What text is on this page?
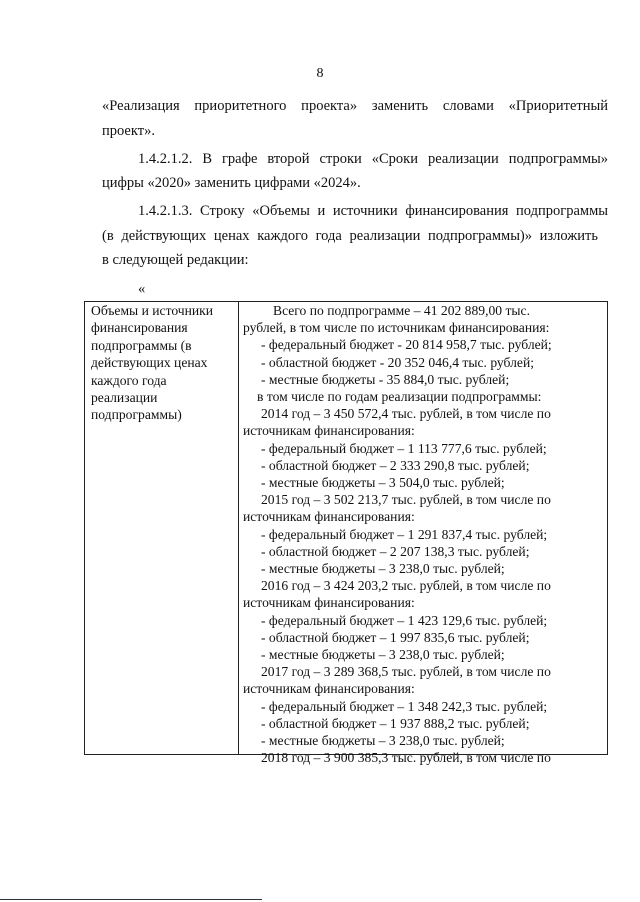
8
«Реализация приоритетного проекта» заменить словами «Приоритетный
проект».
1.4.2.1.2. В графе второй строки «Сроки реализации подпрограммы»
цифры «2020» заменить цифрами «2024».
1.4.2.1.3. Строку «Объемы и источники финансирования подпрограммы
(в действующих ценах каждого года реализации подпрограммы)» изложить
в следующей редакции:
«
Объемы и источники
финансирования
подпрограммы (в
действующих ценах
каждого года
реализации
подпрограммы)
Всего по подпрограмме – 41 202 889,00 тыс.
рублей, в том числе по источникам финансирования:
- федеральный бюджет - 20 814 958,7 тыс. рублей;
- областной бюджет - 20 352 046,4 тыс. рублей;
- местные бюджеты - 35 884,0 тыс. рублей;
в том числе по годам реализации подпрограммы:
2014 год – 3 450 572,4 тыс. рублей, в том числе по
источникам финансирования:
- федеральный бюджет – 1 113 777,6 тыс. рублей;
- областной бюджет – 2 333 290,8 тыс. рублей;
- местные бюджеты – 3 504,0 тыс. рублей;
2015 год – 3 502 213,7 тыс. рублей, в том числе по
источникам финансирования:
- федеральный бюджет – 1 291 837,4 тыс. рублей;
- областной бюджет – 2 207 138,3 тыс. рублей;
- местные бюджеты – 3 238,0 тыс. рублей;
2016 год – 3 424 203,2 тыс. рублей, в том числе по
источникам финансирования:
- федеральный бюджет – 1 423 129,6 тыс. рублей;
- областной бюджет – 1 997 835,6 тыс. рублей;
- местные бюджеты – 3 238,0 тыс. рублей;
2017 год – 3 289 368,5 тыс. рублей, в том числе по
источникам финансирования:
- федеральный бюджет – 1 348 242,3 тыс. рублей;
- областной бюджет – 1 937 888,2 тыс. рублей;
- местные бюджеты – 3 238,0 тыс. рублей;
2018 год – 3 900 385,3 тыс. рублей, в том числе по
